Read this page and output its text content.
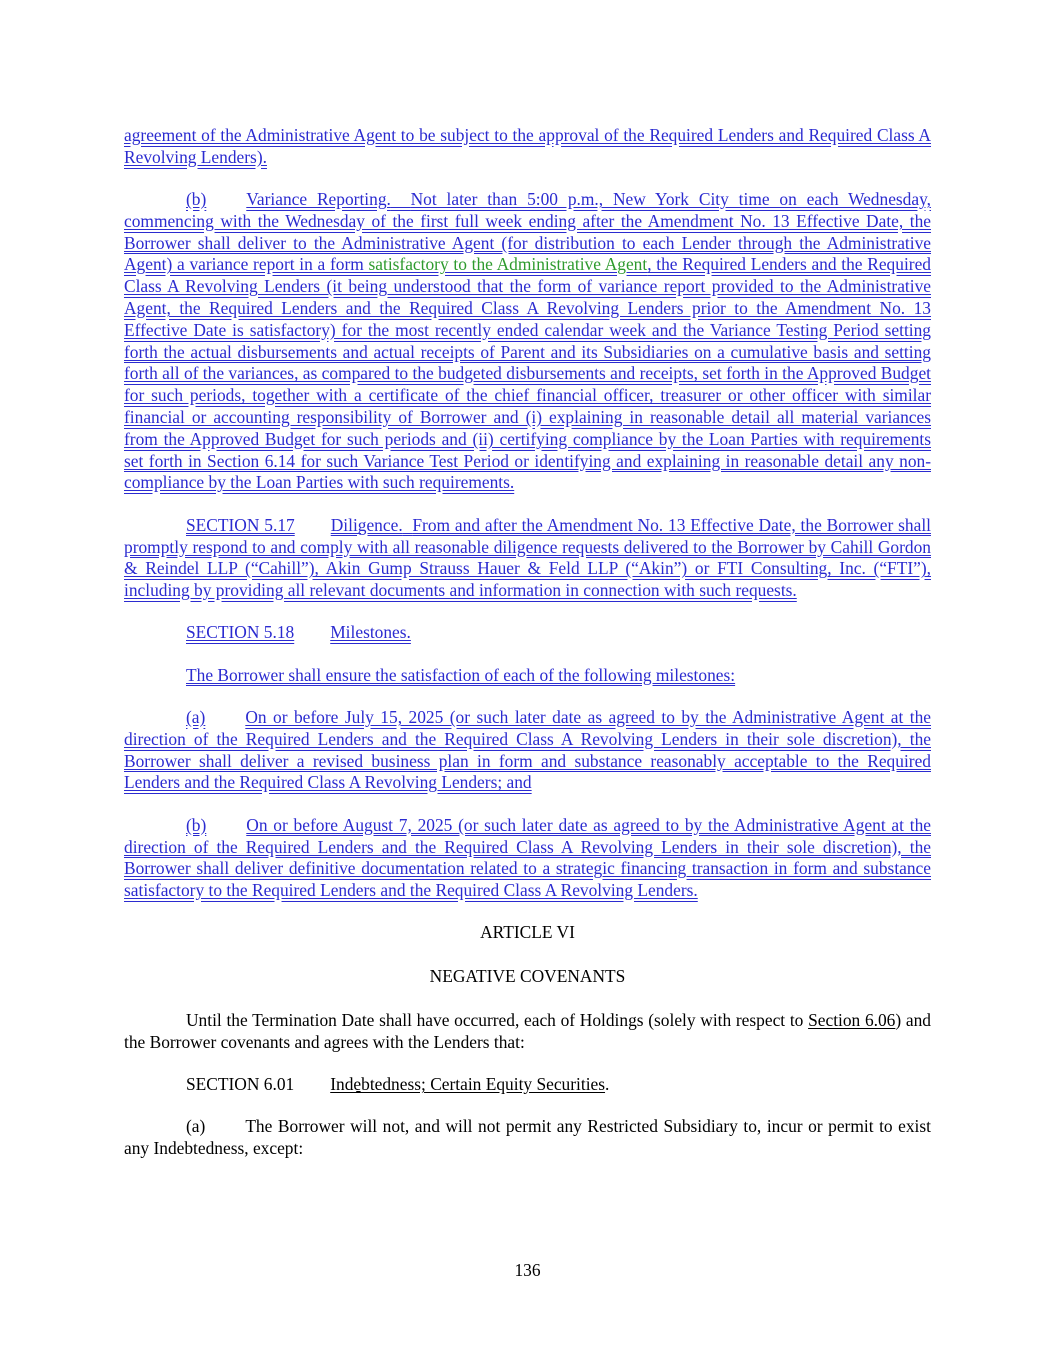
agreement of the Administrative Agent to be subject to the approval of the Required Lenders and Required Class A Revolving Lenders).

(b) Variance Reporting. Not later than 5:00 p.m., New York City time on each Wednesday, commencing with the Wednesday of the first full week ending after the Amendment No. 13 Effective Date, the Borrower shall deliver to the Administrative Agent (for distribution to each Lender through the Administrative Agent) a variance report in a form satisfactory to the Administrative Agent, the Required Lenders and the Required Class A Revolving Lenders (it being understood that the form of variance report provided to the Administrative Agent, the Required Lenders and the Required Class A Revolving Lenders prior to the Amendment No. 13 Effective Date is satisfactory) for the most recently ended calendar week and the Variance Testing Period setting forth the actual disbursements and actual receipts of Parent and its Subsidiaries on a cumulative basis and setting forth all of the variances, as compared to the budgeted disbursements and receipts, set forth in the Approved Budget for such periods, together with a certificate of the chief financial officer, treasurer or other officer with similar financial or accounting responsibility of Borrower and (i) explaining in reasonable detail all material variances from the Approved Budget for such periods and (ii) certifying compliance by the Loan Parties with requirements set forth in Section 6.14 for such Variance Test Period or identifying and explaining in reasonable detail any non-compliance by the Loan Parties with such requirements.

SECTION 5.17 Diligence. From and after the Amendment No. 13 Effective Date, the Borrower shall promptly respond to and comply with all reasonable diligence requests delivered to the Borrower by Cahill Gordon & Reindel LLP (“Cahill”), Akin Gump Strauss Hauer & Feld LLP (“Akin”) or FTI Consulting, Inc. (“FTI”), including by providing all relevant documents and information in connection with such requests.

SECTION 5.18 Milestones.

The Borrower shall ensure the satisfaction of each of the following milestones:

(a) On or before July 15, 2025 (or such later date as agreed to by the Administrative Agent at the direction of the Required Lenders and the Required Class A Revolving Lenders in their sole discretion), the Borrower shall deliver a revised business plan in form and substance reasonably acceptable to the Required Lenders and the Required Class A Revolving Lenders; and

(b) On or before August 7, 2025 (or such later date as agreed to by the Administrative Agent at the direction of the Required Lenders and the Required Class A Revolving Lenders in their sole discretion), the Borrower shall deliver definitive documentation related to a strategic financing transaction in form and substance satisfactory to the Required Lenders and the Required Class A Revolving Lenders.

ARTICLE VI

NEGATIVE COVENANTS

Until the Termination Date shall have occurred, each of Holdings (solely with respect to Section 6.06) and the Borrower covenants and agrees with the Lenders that:

SECTION 6.01 Indebtedness; Certain Equity Securities.

(a) The Borrower will not, and will not permit any Restricted Subsidiary to, incur or permit to exist any Indebtedness, except:

136
